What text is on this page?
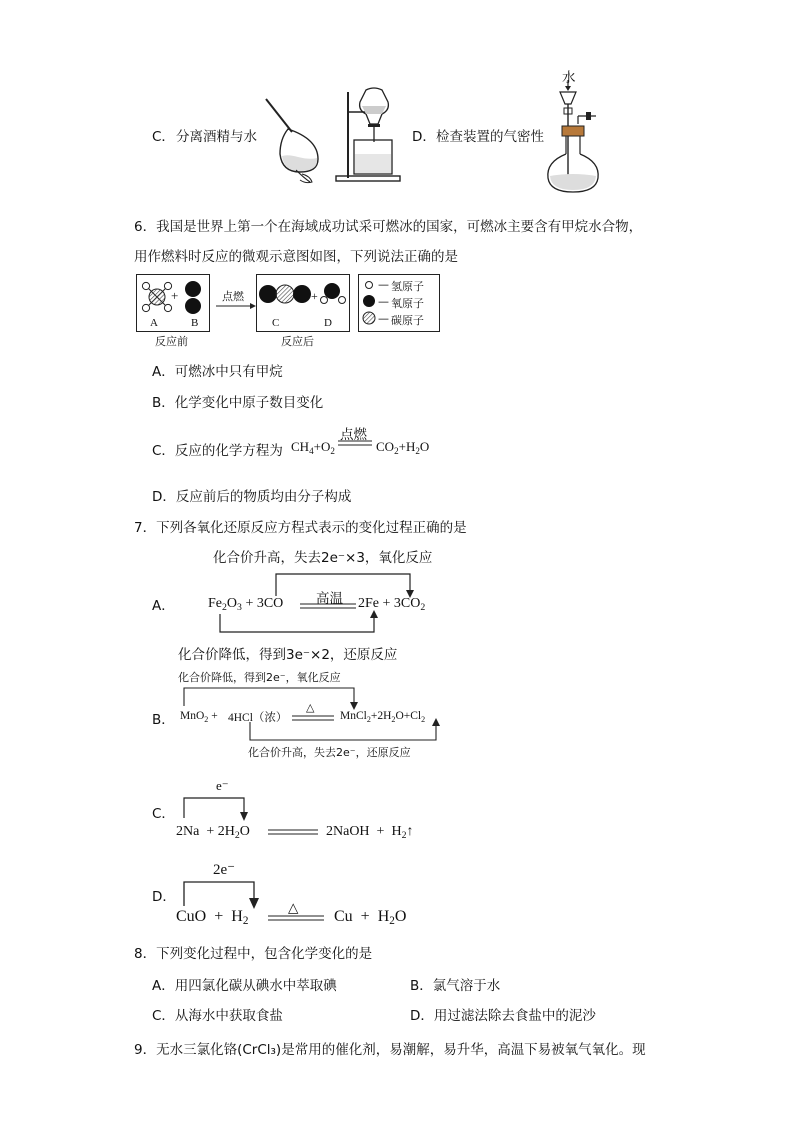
C． 分离酒精与水	D． 检查装置的气密性
水
6．我国是世界上第一个在海域成功试采可燃冰的国家，可燃冰主要含有甲烷水合物，
用作燃料时反应的微观示意图如图，下列说法正确的是
+
A	B
反应前
点燃	+
C	D
反应后
—
—
—
氢原子
氧原子
碳原子
A．可燃冰中只有甲烷
B．化学变化中原子数目变化
C．反应的化学方程为 $CH_4+O_2$
点燃
$CO_2+H_2O$
D．反应前后的物质均由分子构成
7．下列各氧化还原反应方程式表示的变化过程正确的是
化合价升高，失去2e⁻×3，氧化反应
A． $Fe_2O_3 + 3CO$ 高温 $2Fe + 3CO_2$
化合价降低，得到3e⁻×2，还原反应
化合价降低，得到2e⁻，氧化反应
B． MnO$_2$ + 4HCl（浓）
△
$MnCl_2+2H_2O+Cl_2$
化合价升高，失去2e⁻，还原反应
C．
e⁻
$2Na + 2H_2O$	2NaOH  +  $H_2↑$
D．
2e⁻
CuO  +  $H_2$
△ $Cu + H_2O$
8．下列变化过程中，包含化学变化的是
A．用四氯化碳从碘水中萃取碘	B．氯气溶于水
C．从海水中获取食盐	D．用过滤法除去食盐中的泥沙
9．无水三氯化铬(CrCl₃)是常用的催化剂，易潮解，易升华，高温下易被氧气氧化。现
